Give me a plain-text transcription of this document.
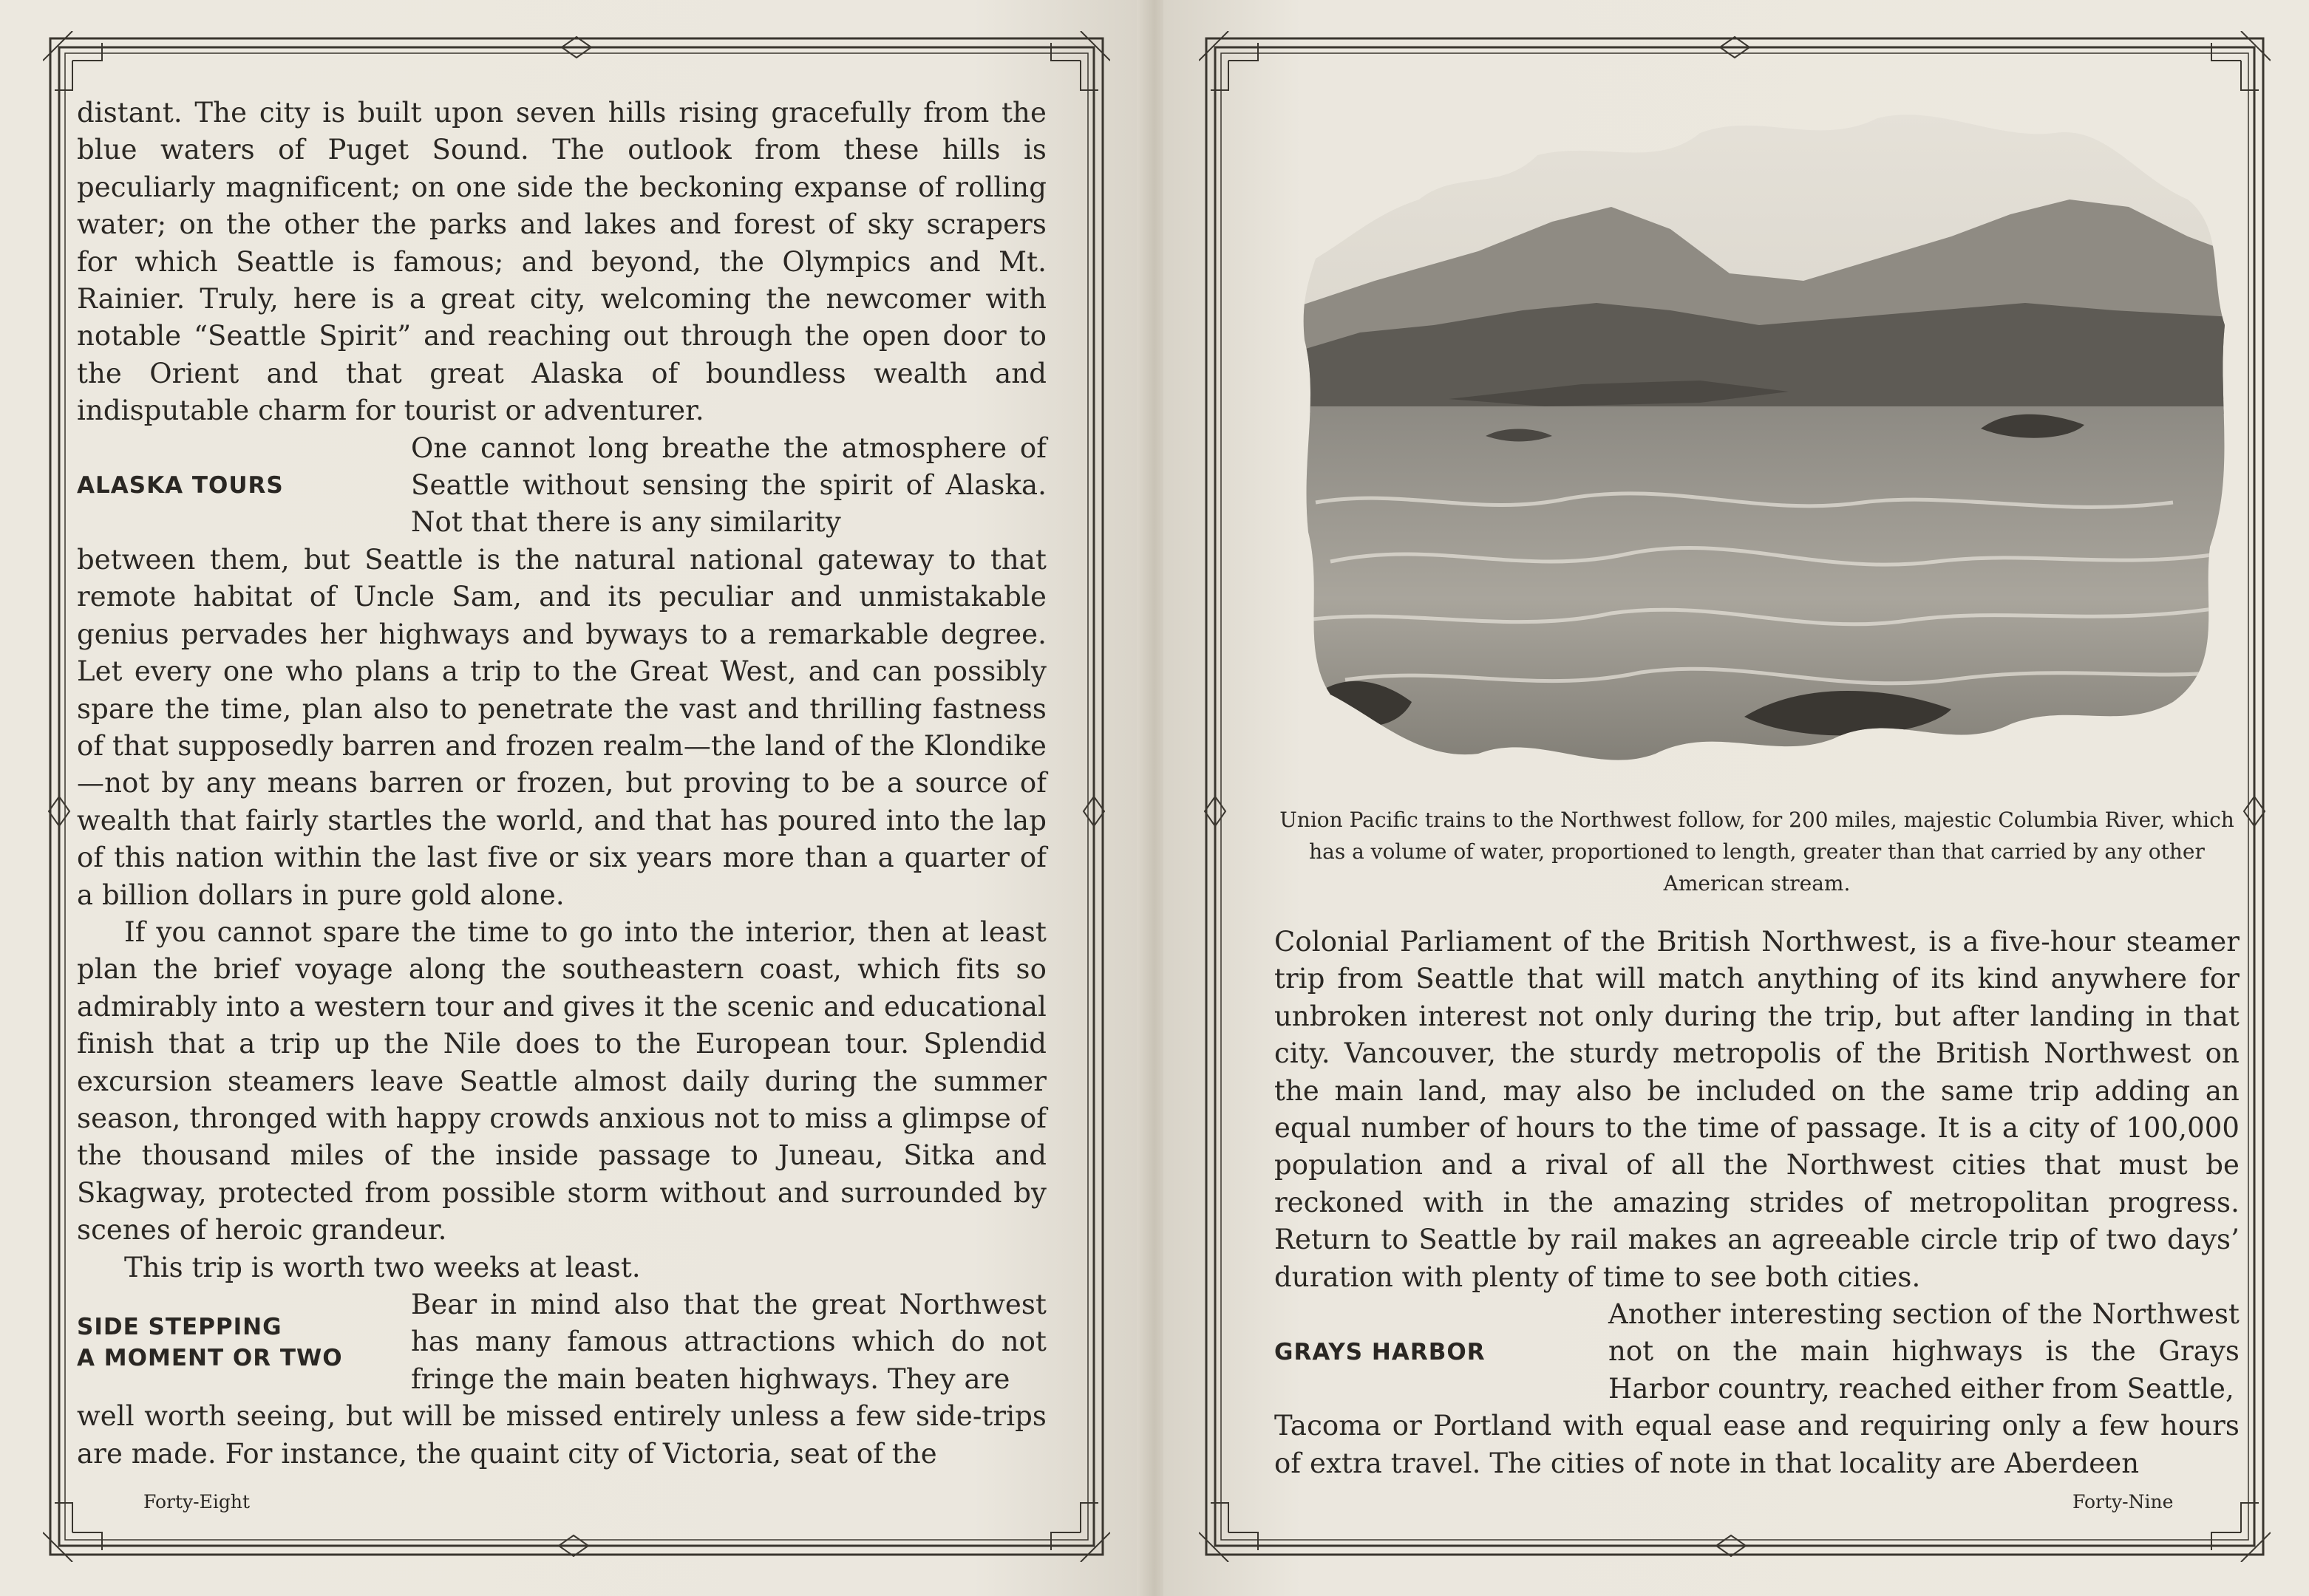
distant. The city is built upon seven hills rising gracefully from the blue waters of Puget Sound. The outlook from these hills is peculiarly magnificent; on one side the beckoning expanse of rolling water; on the other the parks and lakes and forest of sky scrapers for which Seattle is famous; and beyond, the Olympics and Mt. Rainier. Truly, here is a great city, welcoming the newcomer with notable “Seattle Spirit” and reaching out through the open door to the Orient and that great Alaska of boundless wealth and indisputable charm for tourist or adventurer.

ALASKA TOURS

One cannot long breathe the atmosphere of Seattle without sensing the spirit of Alaska. Not that there is any similarity

between them, but Seattle is the natural national gateway to that remote habitat of Uncle Sam, and its peculiar and unmistakable genius pervades her highways and byways to a remarkable degree. Let every one who plans a trip to the Great West, and can possibly spare the time, plan also to penetrate the vast and thrilling fastness of that supposedly barren and frozen realm—the land of the Klondike—not by any means barren or frozen, but proving to be a source of wealth that fairly startles the world, and that has poured into the lap of this nation within the last five or six years more than a quarter of a billion dollars in pure gold alone.

If you cannot spare the time to go into the interior, then at least plan the brief voyage along the southeastern coast, which fits so admirably into a western tour and gives it the scenic and educational finish that a trip up the Nile does to the European tour. Splendid excursion steamers leave Seattle almost daily during the summer season, thronged with happy crowds anxious not to miss a glimpse of the thousand miles of the inside passage to Juneau, Sitka and Skagway, protected from possible storm without and surrounded by scenes of heroic grandeur.

This trip is worth two weeks at least.

SIDE STEPPING
A MOMENT OR TWO

Bear in mind also that the great Northwest has many famous attractions which do not fringe the main beaten highways. They are

well worth seeing, but will be missed entirely unless a few side-trips are made. For instance, the quaint city of Victoria, seat of the

Forty-Eight
Union Pacific trains to the Northwest follow, for 200 miles, majestic Columbia River, which has a volume of water, proportioned to length, greater than that carried by any other American stream.

Colonial Parliament of the British Northwest, is a five-hour steamer trip from Seattle that will match anything of its kind anywhere for unbroken interest not only during the trip, but after landing in that city. Vancouver, the sturdy metropolis of the British Northwest on the main land, may also be included on the same trip adding an equal number of hours to the time of passage. It is a city of 100,000 population and a rival of all the Northwest cities that must be reckoned with in the amazing strides of metropolitan progress. Return to Seattle by rail makes an agreeable circle trip of two days’ duration with plenty of time to see both cities.

GRAYS HARBOR

Another interesting section of the Northwest not on the main highways is the Grays Harbor country, reached either from Seattle,

Tacoma or Portland with equal ease and requiring only a few hours of extra travel. The cities of note in that locality are Aberdeen

Forty-Nine
